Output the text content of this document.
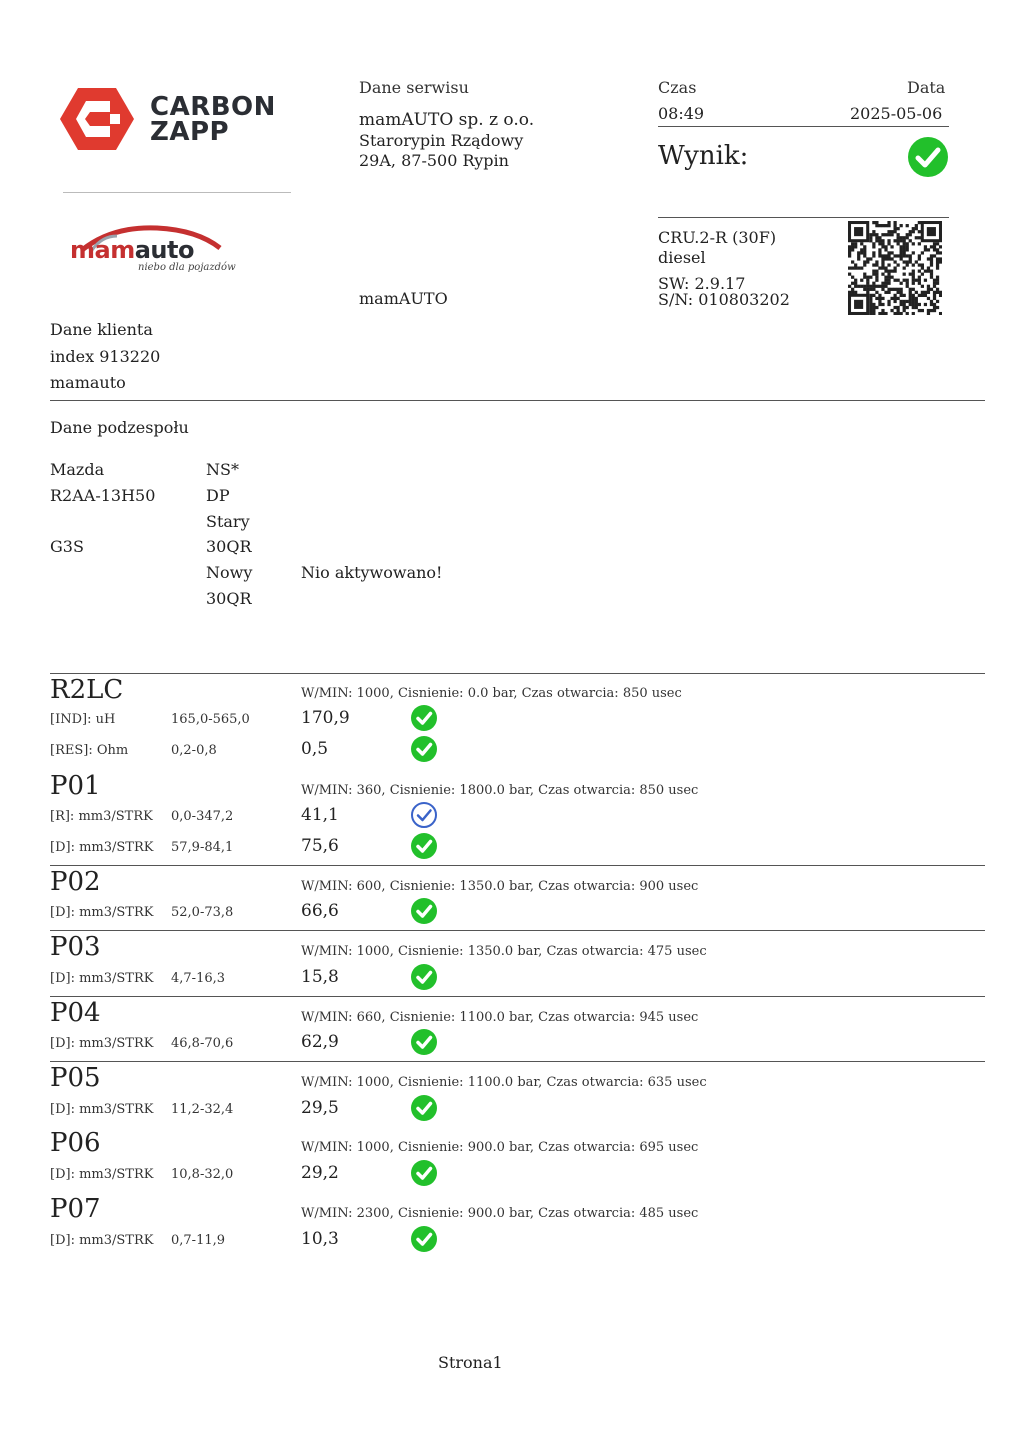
CARBON
ZAPP
mamauto
niebo dla pojazdów
Dane serwisu
mamAUTO sp. z o.o.
Starorypin Rządowy
29A, 87-500 Rypin
mamAUTO
Czas
08:49
Data
2025-05-06
Wynik:
CRU.2-R (30F)
diesel
SW: 2.9.17
S/N: 010803202
Dane klienta
index 913220
mamauto
Dane podzespołu
Mazda
R2AA-13H50
G3S
NS*
DP
Stary
30QR
Nowy
30QR
Nio aktywowano!
R2LC	W/MIN: 1000, Cisnienie: 0.0 bar, Czas otwarcia: 850 usec
[IND]: uH	165,0-565,0	170,9
[RES]: Ohm	0,2-0,8	0,5
P01	W/MIN: 360, Cisnienie: 1800.0 bar, Czas otwarcia: 850 usec
[R]: mm3/STRK 0,0-347,2	41,1
[D]: mm3/STRK 57,9-84,1	75,6
P02	W/MIN: 600, Cisnienie: 1350.0 bar, Czas otwarcia: 900 usec
[D]: mm3/STRK 52,0-73,8	66,6
P03	W/MIN: 1000, Cisnienie: 1350.0 bar, Czas otwarcia: 475 usec
[D]: mm3/STRK 4,7-16,3	15,8
P04	W/MIN: 660, Cisnienie: 1100.0 bar, Czas otwarcia: 945 usec
[D]: mm3/STRK 46,8-70,6	62,9
P05	W/MIN: 1000, Cisnienie: 1100.0 bar, Czas otwarcia: 635 usec
[D]: mm3/STRK 11,2-32,4	29,5
P06	W/MIN: 1000, Cisnienie: 900.0 bar, Czas otwarcia: 695 usec
[D]: mm3/STRK 10,8-32,0	29,2
P07	W/MIN: 2300, Cisnienie: 900.0 bar, Czas otwarcia: 485 usec
[D]: mm3/STRK 0,7-11,9	10,3
Strona1
